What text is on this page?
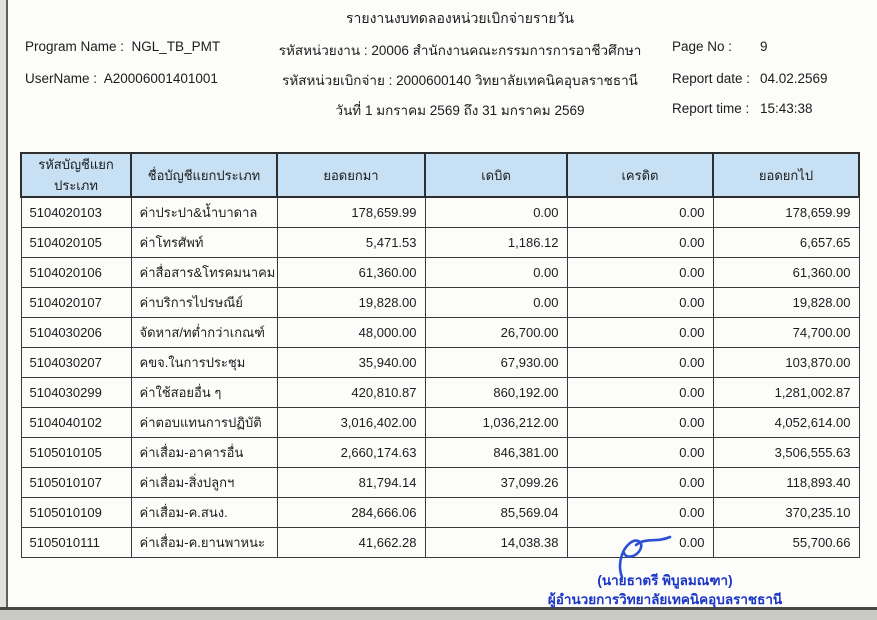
รายงานงบทดลองหน่วยเบิกจ่ายรายวัน
Program Name : NGL_TB_PMT
UserName : A20006001401001
รหัสหน่วยงาน : 20006 สำนักงานคณะกรรมการการอาชีวศึกษา
รหัสหน่วยเบิกจ่าย : 2000600140 วิทยาลัยเทคนิคอุบลราชธานี
วันที่ 1 มกราคม 2569 ถึง 31 มกราคม 2569
Page No :	9
Report date : 04.02.2569
Report time : 15:43:38
รหัสบัญชีแยกประเภท	ชื่อบัญชีแยกประเภท	ยอดยกมา	เดบิต	เครดิต	ยอดยกไป
5104020103	ค่าประปา&น้ำบาดาล	178,659.99	0.00	0.00	178,659.99
5104020105	ค่าโทรศัพท์	5,471.53	1,186.12	0.00	6,657.65
5104020106	ค่าสื่อสาร&โทรคมนาคม	61,360.00	0.00	0.00	61,360.00
5104020107	ค่าบริการไปรษณีย์	19,828.00	0.00	0.00	19,828.00
5104030206	จัดหาส/ทต่ำกว่าเกณฑ์	48,000.00	26,700.00	0.00	74,700.00
5104030207	คขจ.ในการประชุม	35,940.00	67,930.00	0.00	103,870.00
5104030299	ค่าใช้สอยอื่น ๆ	420,810.87	860,192.00	0.00	1,281,002.87
5104040102	ค่าตอบแทนการปฏิบัติ	3,016,402.00	1,036,212.00	0.00	4,052,614.00
5105010105	ค่าเสื่อม-อาคารอื่น	2,660,174.63	846,381.00	0.00	3,506,555.63
5105010107	ค่าเสื่อม-สิ่งปลูกฯ	81,794.14	37,099.26	0.00	118,893.40
5105010109	ค่าเสื่อม-ค.สนง.	284,666.06	85,569.04	0.00	370,235.10
5105010111	ค่าเสื่อม-ค.ยานพาหนะ	41,662.28	14,038.38	0.00	55,700.66
(นายธาตรี พิบูลมณฑา)
ผู้อำนวยการวิทยาลัยเทคนิคอุบลราชธานี
